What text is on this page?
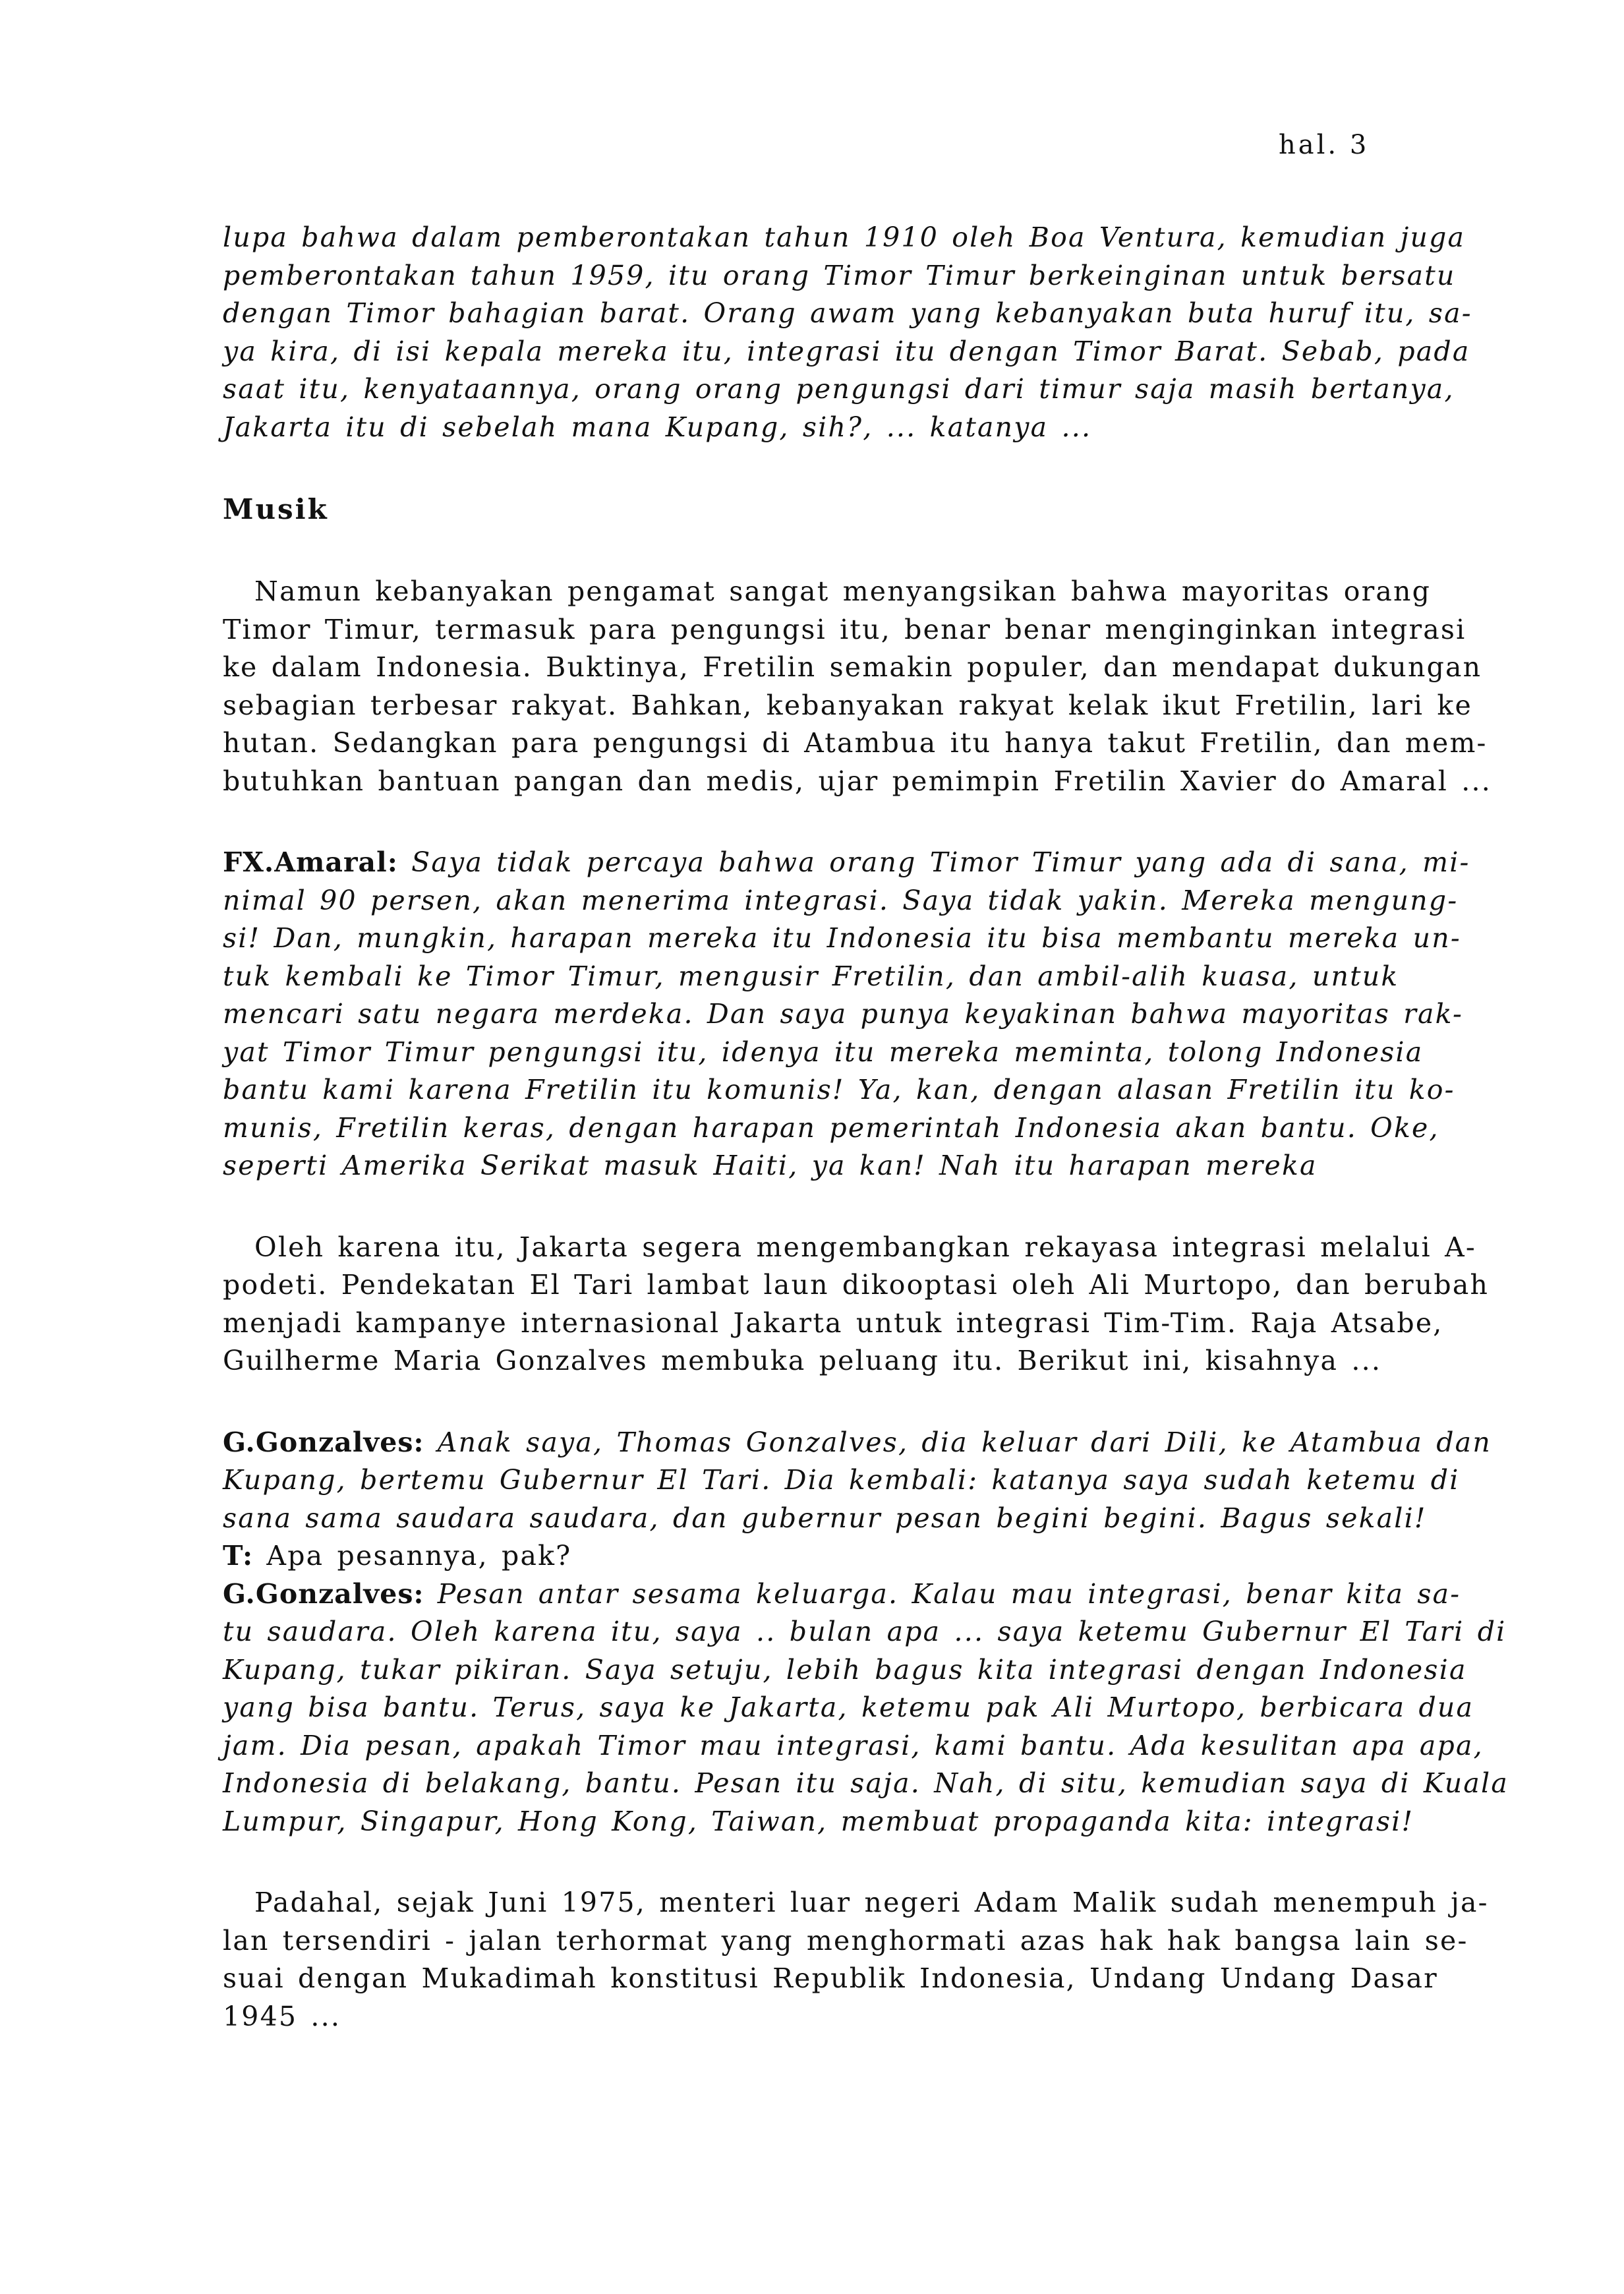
hal. 3
lupa bahwa dalam pemberontakan tahun 1910 oleh Boa Ventura, kemudian juga
pemberontakan tahun 1959, itu orang Timor Timur berkeinginan untuk bersatu
dengan Timor bahagian barat. Orang awam yang kebanyakan buta huruf itu, sa-
ya kira, di isi kepala mereka itu, integrasi itu dengan Timor Barat. Sebab, pada
saat itu, kenyataannya, orang orang pengungsi dari timur saja masih bertanya,
Jakarta itu di sebelah mana Kupang, sih?, ... katanya ...
Musik
Namun kebanyakan pengamat sangat menyangsikan bahwa mayoritas orang
Timor Timur, termasuk para pengungsi itu, benar benar menginginkan integrasi
ke dalam Indonesia. Buktinya, Fretilin semakin populer, dan mendapat dukungan
sebagian terbesar rakyat. Bahkan, kebanyakan rakyat kelak ikut Fretilin, lari ke
hutan. Sedangkan para pengungsi di Atambua itu hanya takut Fretilin, dan mem-
butuhkan bantuan pangan dan medis, ujar pemimpin Fretilin Xavier do Amaral ...
FX.Amaral: Saya tidak percaya bahwa orang Timor Timur yang ada di sana, mi-
nimal 90 persen, akan menerima integrasi. Saya tidak yakin. Mereka mengung-
si! Dan, mungkin, harapan mereka itu Indonesia itu bisa membantu mereka un-
tuk kembali ke Timor Timur, mengusir Fretilin, dan ambil-alih kuasa, untuk
mencari satu negara merdeka. Dan saya punya keyakinan bahwa mayoritas rak-
yat Timor Timur pengungsi itu, idenya itu mereka meminta, tolong Indonesia
bantu kami karena Fretilin itu komunis! Ya, kan, dengan alasan Fretilin itu ko-
munis, Fretilin keras, dengan harapan pemerintah Indonesia akan bantu. Oke,
seperti Amerika Serikat masuk Haiti, ya kan! Nah itu harapan mereka
Oleh karena itu, Jakarta segera mengembangkan rekayasa integrasi melalui A-
podeti. Pendekatan El Tari lambat laun dikooptasi oleh Ali Murtopo, dan berubah
menjadi kampanye internasional Jakarta untuk integrasi Tim-Tim. Raja Atsabe,
Guilherme Maria Gonzalves membuka peluang itu. Berikut ini, kisahnya ...
G.Gonzalves: Anak saya, Thomas Gonzalves, dia keluar dari Dili, ke Atambua dan
Kupang, bertemu Gubernur El Tari. Dia kembali: katanya saya sudah ketemu di
sana sama saudara saudara, dan gubernur pesan begini begini. Bagus sekali!
T: Apa pesannya, pak?
G.Gonzalves: Pesan antar sesama keluarga. Kalau mau integrasi, benar kita sa-
tu saudara. Oleh karena itu, saya .. bulan apa ... saya ketemu Gubernur El Tari di
Kupang, tukar pikiran. Saya setuju, lebih bagus kita integrasi dengan Indonesia
yang bisa bantu. Terus, saya ke Jakarta, ketemu pak Ali Murtopo, berbicara dua
jam. Dia pesan, apakah Timor mau integrasi, kami bantu. Ada kesulitan apa apa,
Indonesia di belakang, bantu. Pesan itu saja. Nah, di situ, kemudian saya di Kuala
Lumpur, Singapur, Hong Kong, Taiwan, membuat propaganda kita: integrasi!
Padahal, sejak Juni 1975, menteri luar negeri Adam Malik sudah menempuh ja-
lan tersendiri - jalan terhormat yang menghormati azas hak hak bangsa lain se-
suai dengan Mukadimah konstitusi Republik Indonesia, Undang Undang Dasar
1945 ...
